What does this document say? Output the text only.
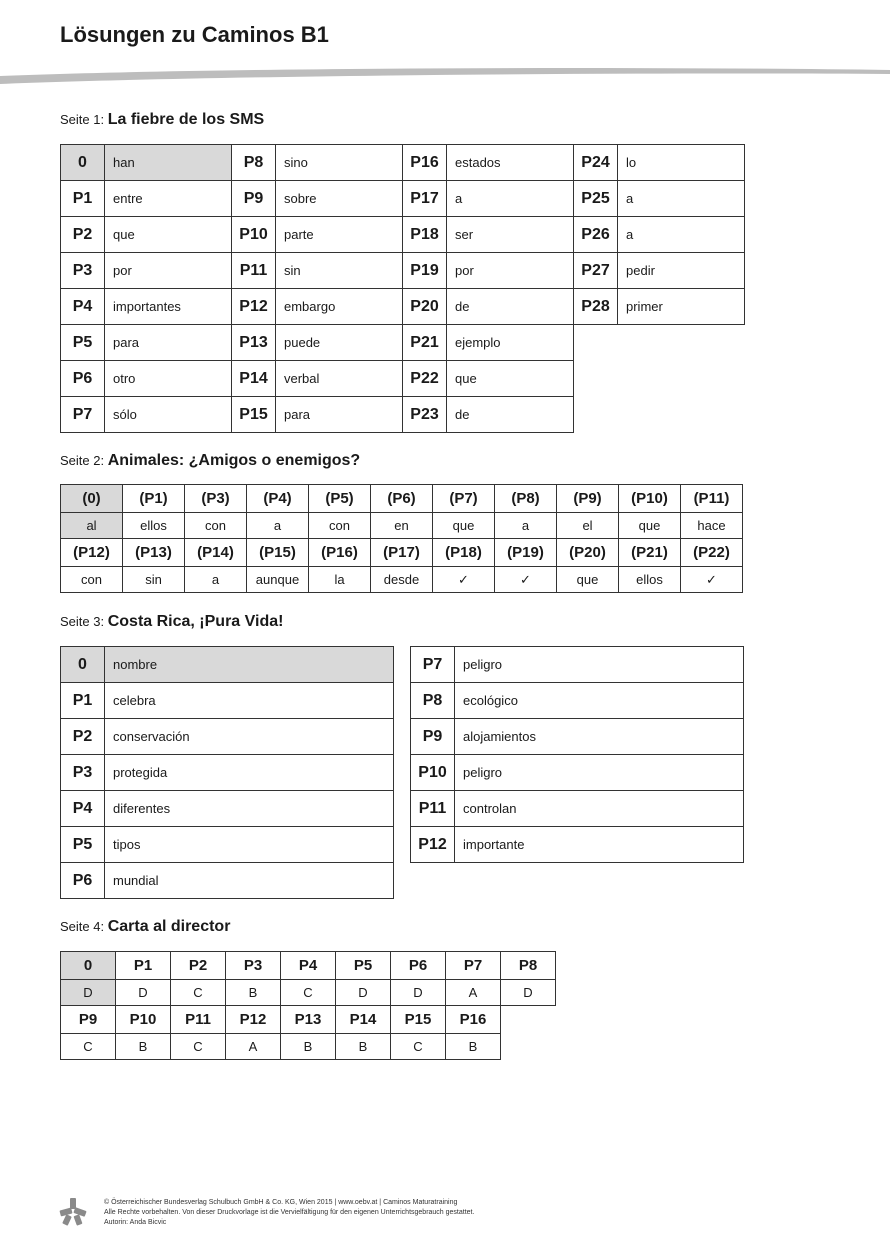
Lösungen zu Caminos B1
Seite 1: La fiebre de los SMS
0	han	P8	sino	P16	estados	P24	lo
P1	entre	P9	sobre	P17	a	P25	a
P2	que	P10	parte	P18	ser	P26	a
P3	por	P11	sin	P19	por	P27	pedir
P4	importantes	P12	embargo	P20	de	P28	primer
P5	para	P13	puede	P21	ejemplo		
P6	otro	P14	verbal	P22	que		
P7	sólo	P15	para	P23	de		
Seite 2: Animales: ¿Amigos o enemigos?
(0)	(P1)	(P3)	(P4)	(P5)	(P6)	(P7)	(P8)	(P9)	(P10)	(P11)
al	ellos	con	a	con	en	que	a	el	que	hace
(P12)	(P13)	(P14)	(P15)	(P16)	(P17)	(P18)	(P19)	(P20)	(P21)	(P22)
con	sin	a	aunque	la	desde	✓	✓	que	ellos	✓
Seite 3: Costa Rica, ¡Pura Vida!
0	nombre
P1	celebra
P2	conservación
P3	protegida
P4	diferentes
P5	tipos
P6	mundial
P7	peligro
P8	ecológico
P9	alojamientos
P10	peligro
P11	controlan
P12	importante
Seite 4: Carta al director
0	P1	P2	P3	P4	P5	P6	P7	P8
D	D	C	B	C	D	D	A	D
P9	P10	P11	P12	P13	P14	P15	P16	
C	B	C	A	B	B	C	B	
© Österreichischer Bundesverlag Schulbuch GmbH & Co. KG, Wien 2015 | www.oebv.at | Caminos Maturatraining
Alle Rechte vorbehalten. Von dieser Druckvorlage ist die Vervielfältigung für den eigenen Unterrichtsgebrauch gestattet.
Autorin: Anda Bicvic
